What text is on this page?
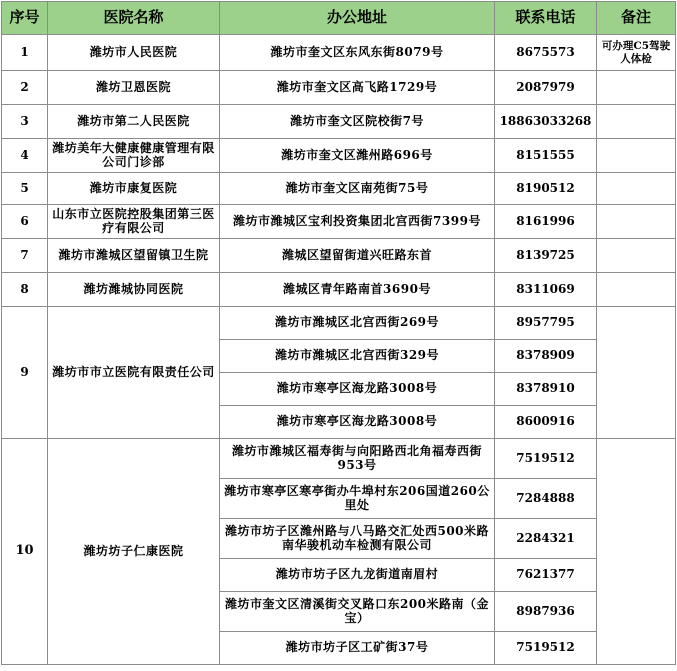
序号	医院名称	办公地址	联系电话	备注
1	潍坊市人民医院	潍坊市奎文区东风东街8079号	8675573	可办理C5驾驶人体检
2	潍坊卫恩医院	潍坊市奎文区高飞路1729号	2087979	
3	潍坊市第二人民医院	潍坊市奎文区院校街7号	18863033268	
4	潍坊美年大健康健康管理有限公司门诊部	潍坊市奎文区潍州路696号	8151555	
5	潍坊市康复医院	潍坊市奎文区南苑街75号	8190512	
6	山东市立医院控股集团第三医疗有限公司	潍坊市潍城区宝利投资集团北宫西街7399号	8161996	
7	潍坊市潍城区望留镇卫生院	潍城区望留街道兴旺路东首	8139725	
8	潍坊潍城协同医院	潍城区青年路南首3690号	8311069	
9	潍坊市市立医院有限责任公司	潍坊市潍城区北宫西街269号	8957795	
		潍坊市潍城区北宫西街329号	8378909	
		潍坊市寒亭区海龙路3008号	8378910	
		潍坊市寒亭区海龙路3008号	8600916	
10	潍坊坊子仁康医院	潍坊市潍城区福寿街与向阳路西北角福寿西街953号	7519512	
		潍坊市寒亭区寒亭街办牛埠村东206国道260公里处	7284888	
		潍坊市坊子区潍州路与八马路交汇处西500米路南华骏机动车检测有限公司	2284321	
		潍坊市坊子区九龙街道南眉村	7621377	
		潍坊市奎文区清溪街交叉路口东200米路南（金宝）	8987936	
		潍坊市坊子区工矿街37号	7519512	
